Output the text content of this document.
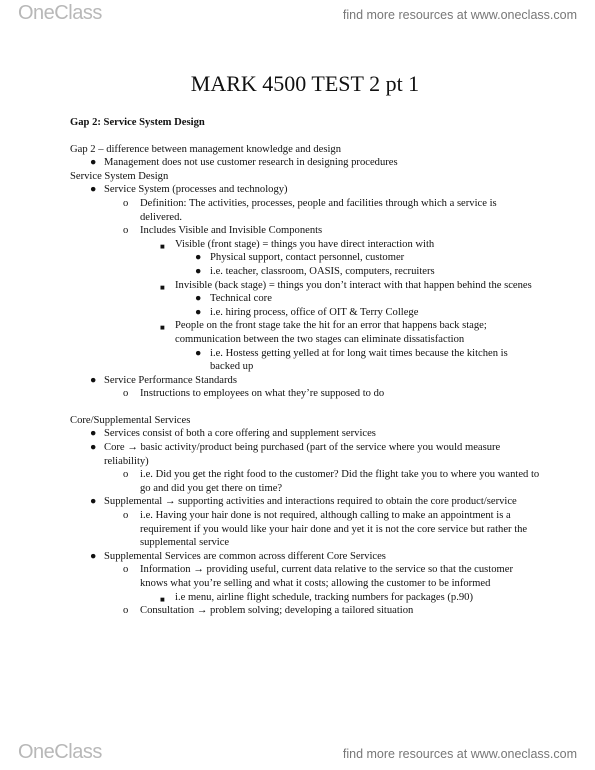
OneClass	find more resources at www.oneclass.com
MARK 4500 TEST 2 pt 1
Gap 2: Service System Design
Gap 2 – difference between management knowledge and design
● Management does not use customer research in designing procedures
Service System Design
● Service System (processes and technology)
o Definition: The activities, processes, people and facilities through which a service is delivered.
o Includes Visible and Invisible Components
■ Visible (front stage) = things you have direct interaction with
● Physical support, contact personnel, customer
● i.e. teacher, classroom, OASIS, computers, recruiters
■ Invisible (back stage) = things you don’t interact with that happen behind the scenes
● Technical core
● i.e. hiring process, office of OIT & Terry College
■ People on the front stage take the hit for an error that happens back stage; communication between the two stages can eliminate dissatisfaction
● i.e. Hostess getting yelled at for long wait times because the kitchen is backed up
● Service Performance Standards
o Instructions to employees on what they’re supposed to do
Core/Supplemental Services
● Services consist of both a core offering and supplement services
● Core → basic activity/product being purchased (part of the service where you would measure reliability)
o i.e. Did you get the right food to the customer? Did the flight take you to where you wanted to go and did you get there on time?
● Supplemental → supporting activities and interactions required to obtain the core product/service
o i.e. Having your hair done is not required, although calling to make an appointment is a requirement if you would like your hair done and yet it is not the core service but rather the supplemental service
● Supplemental Services are common across different Core Services
o Information → providing useful, current data relative to the service so that the customer knows what you’re selling and what it costs; allowing the customer to be informed
■ i.e menu, airline flight schedule, tracking numbers for packages (p.90)
o Consultation → problem solving; developing a tailored situation
OneClass	find more resources at www.oneclass.com
